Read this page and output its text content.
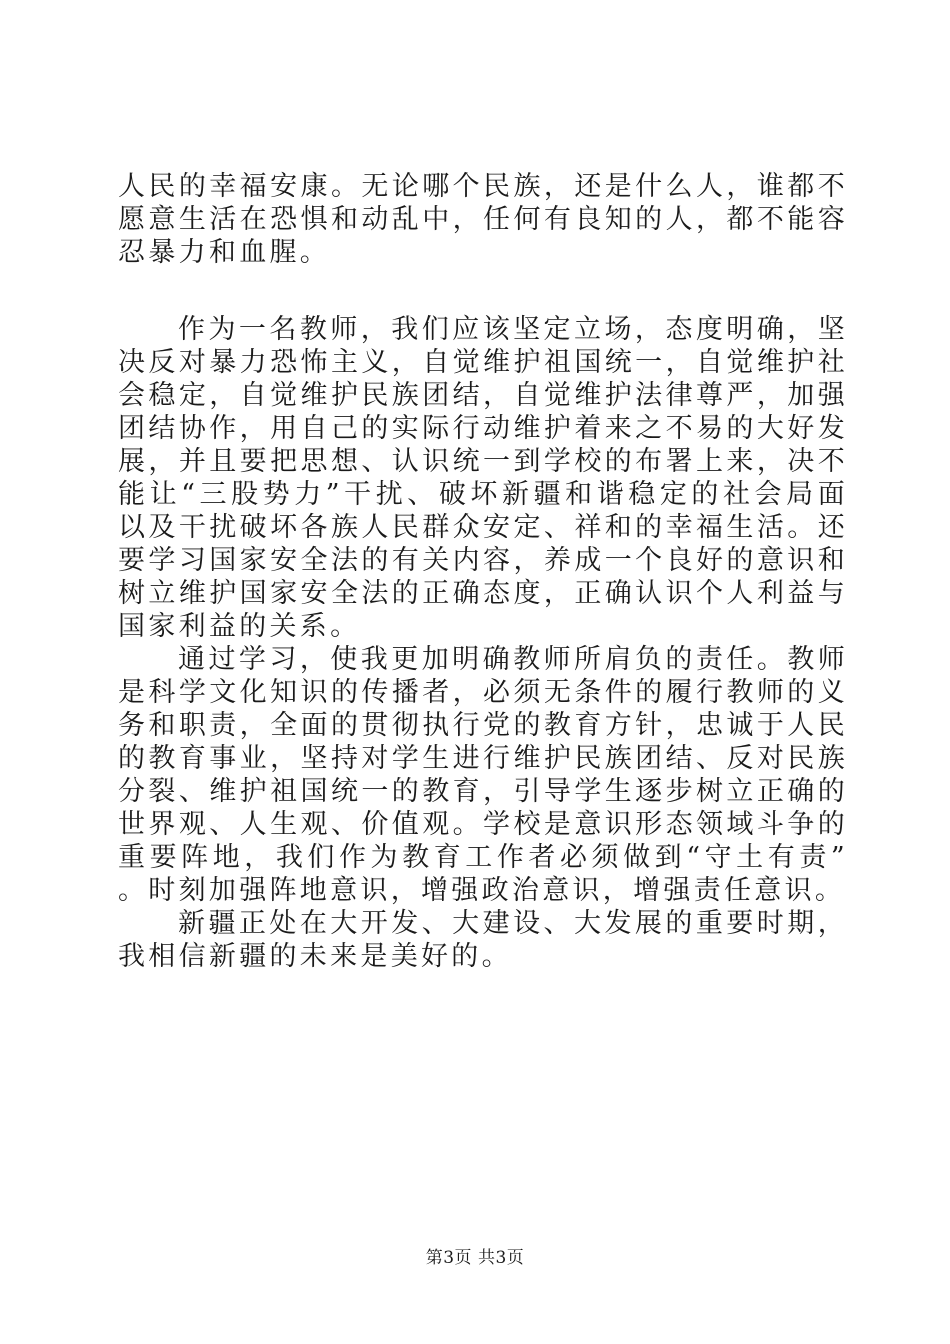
人民的幸福安康。无论哪个民族，还是什么人，谁都不愿意生活在恐惧和动乱中，任何有良知的人，都不能容忍暴力和血腥。

作为一名教师，我们应该坚定立场，态度明确，坚决反对暴力恐怖主义，自觉维护祖国统一，自觉维护社会稳定，自觉维护民族团结，自觉维护法律尊严，加强团结协作，用自己的实际行动维护着来之不易的大好发展，并且要把思想、认识统一到学校的布署上来，决不能让“三股势力”干扰、破坏新疆和谐稳定的社会局面以及干扰破坏各族人民群众安定、祥和的幸福生活。还要学习国家安全法的有关内容，养成一个良好的意识和树立维护国家安全法的正确态度，正确认识个人利益与国家利益的关系。

通过学习，使我更加明确教师所肩负的责任。教师是科学文化知识的传播者，必须无条件的履行教师的义务和职责，全面的贯彻执行党的教育方针，忠诚于人民的教育事业，坚持对学生进行维护民族团结、反对民族分裂、维护祖国统一的教育，引导学生逐步树立正确的世界观、人生观、价值观。学校是意识形态领域斗争的重要阵地，我们作为教育工作者必须做到“守土有责”。时刻加强阵地意识，增强政治意识，增强责任意识。

新疆正处在大开发、大建设、大发展的重要时期，我相信新疆的未来是美好的。

第3页 共3页
